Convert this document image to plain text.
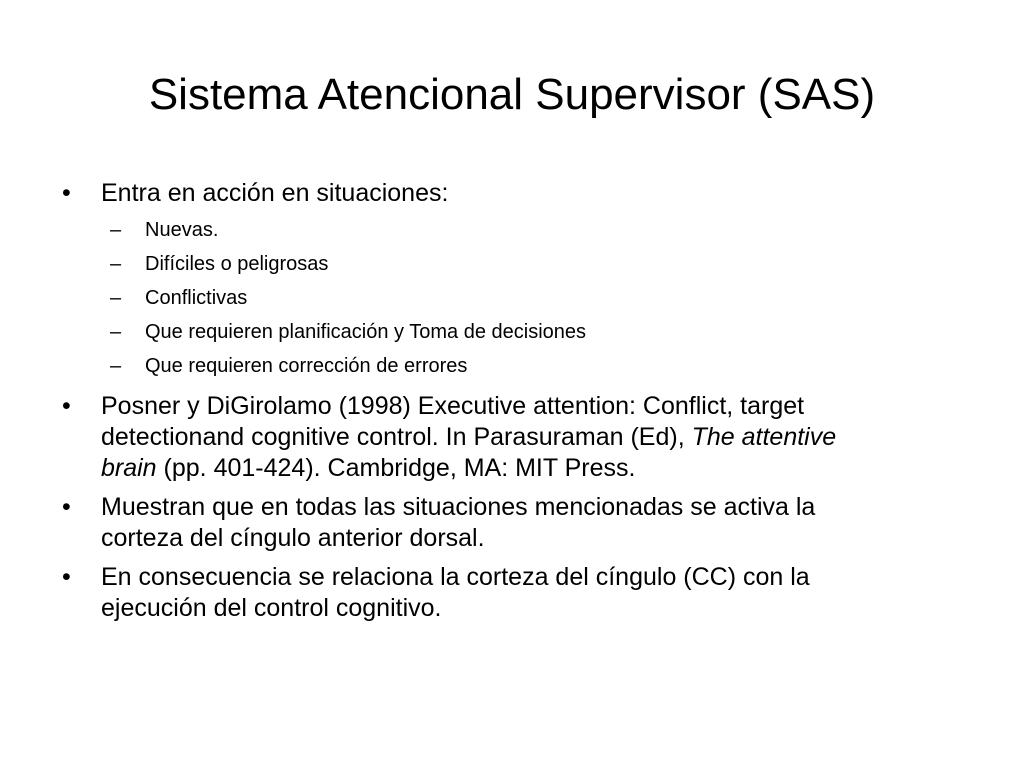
Sistema Atencional Supervisor (SAS)
•	Entra en acción en situaciones:
– Nuevas.
– Difíciles o peligrosas
– Conflictivas
– Que requieren planificación y Toma de decisiones
– Que requieren corrección de errores
•	Posner y DiGirolamo (1998) Executive attention: Conflict, target
detectionand cognitive control. In Parasuraman (Ed), The attentive
brain (pp. 401-424). Cambridge, MA: MIT Press.
•	Muestran que en todas las situaciones mencionadas se activa la
corteza del cíngulo anterior dorsal.
•	En consecuencia se relaciona la corteza del cíngulo (CC) con la
ejecución del control cognitivo.
